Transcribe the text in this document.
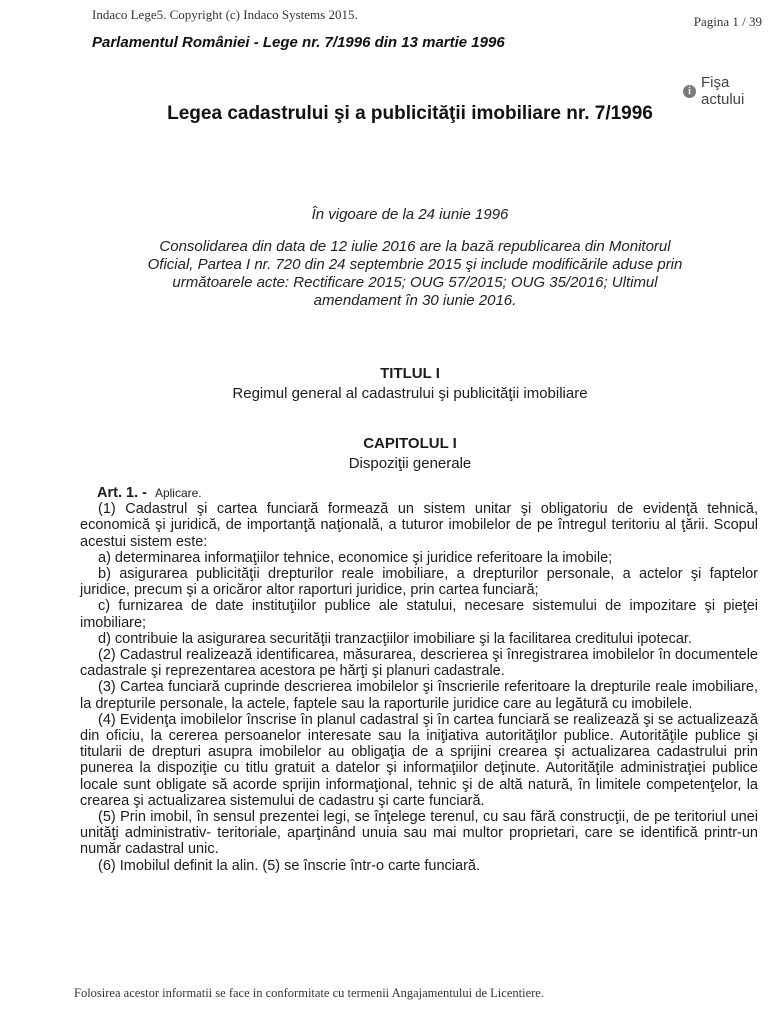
Indaco Lege5. Copyright (c) Indaco Systems 2015.	Pagina 1 / 39
Parlamentul României - Lege nr. 7/1996 din 13 martie 1996
i
Fişa actului
Legea cadastrului şi a publicităţii imobiliare nr. 7/1996
În vigoare de la 24 iunie 1996
Consolidarea din data de 12 iulie 2016 are la bază republicarea din Monitorul Oficial, Partea I nr. 720 din 24 septembrie 2015 şi include modificările aduse prin următoarele acte: Rectificare 2015; OUG 57/2015; OUG 35/2016; Ultimul amendament în 30 iunie 2016.
TITLUL I
Regimul general al cadastrului şi publicităţii imobiliare
CAPITOLUL I
Dispoziţii generale
Art. 1. - Aplicare.

(1) Cadastrul şi cartea funciară formează un sistem unitar şi obligatoriu de evidenţă tehnică, economică şi juridică, de importanţă naţională, a tuturor imobilelor de pe întregul teritoriu al ţării. Scopul acestui sistem este:

a) determinarea informaţiilor tehnice, economice şi juridice referitoare la imobile;

b) asigurarea publicităţii drepturilor reale imobiliare, a drepturilor personale, a actelor şi faptelor juridice, precum şi a oricăror altor raporturi juridice, prin cartea funciară;

c) furnizarea de date instituţiilor publice ale statului, necesare sistemului de impozitare şi pieţei imobiliare;

d) contribuie la asigurarea securităţii tranzacţiilor imobiliare şi la facilitarea creditului ipotecar.

(2) Cadastrul realizează identificarea, măsurarea, descrierea şi înregistrarea imobilelor în documentele cadastrale şi reprezentarea acestora pe hărţi şi planuri cadastrale.

(3) Cartea funciară cuprinde descrierea imobilelor şi înscrierile referitoare la drepturile reale imobiliare, la drepturile personale, la actele, faptele sau la raporturile juridice care au legătură cu imobilele.

(4) Evidenţa imobilelor înscrise în planul cadastral şi în cartea funciară se realizează şi se actualizează din oficiu, la cererea persoanelor interesate sau la iniţiativa autorităţilor publice. Autorităţile publice şi titularii de drepturi asupra imobilelor au obligaţia de a sprijini crearea şi actualizarea cadastrului prin punerea la dispoziţie cu titlu gratuit a datelor şi informaţiilor deţinute. Autorităţile administraţiei publice locale sunt obligate să acorde sprijin informaţional, tehnic şi de altă natură, în limitele competenţelor, la crearea şi actualizarea sistemului de cadastru şi carte funciară.

(5) Prin imobil, în sensul prezentei legi, se înţelege terenul, cu sau fără construcţii, de pe teritoriul unei unităţi administrativ- teritoriale, aparţinând unuia sau mai multor proprietari, care se identifică printr-un număr cadastral unic.

(6) Imobilul definit la alin. (5) se înscrie într-o carte funciară.

Folosirea acestor informatii se face in conformitate cu termenii Angajamentului de Licentiere.
